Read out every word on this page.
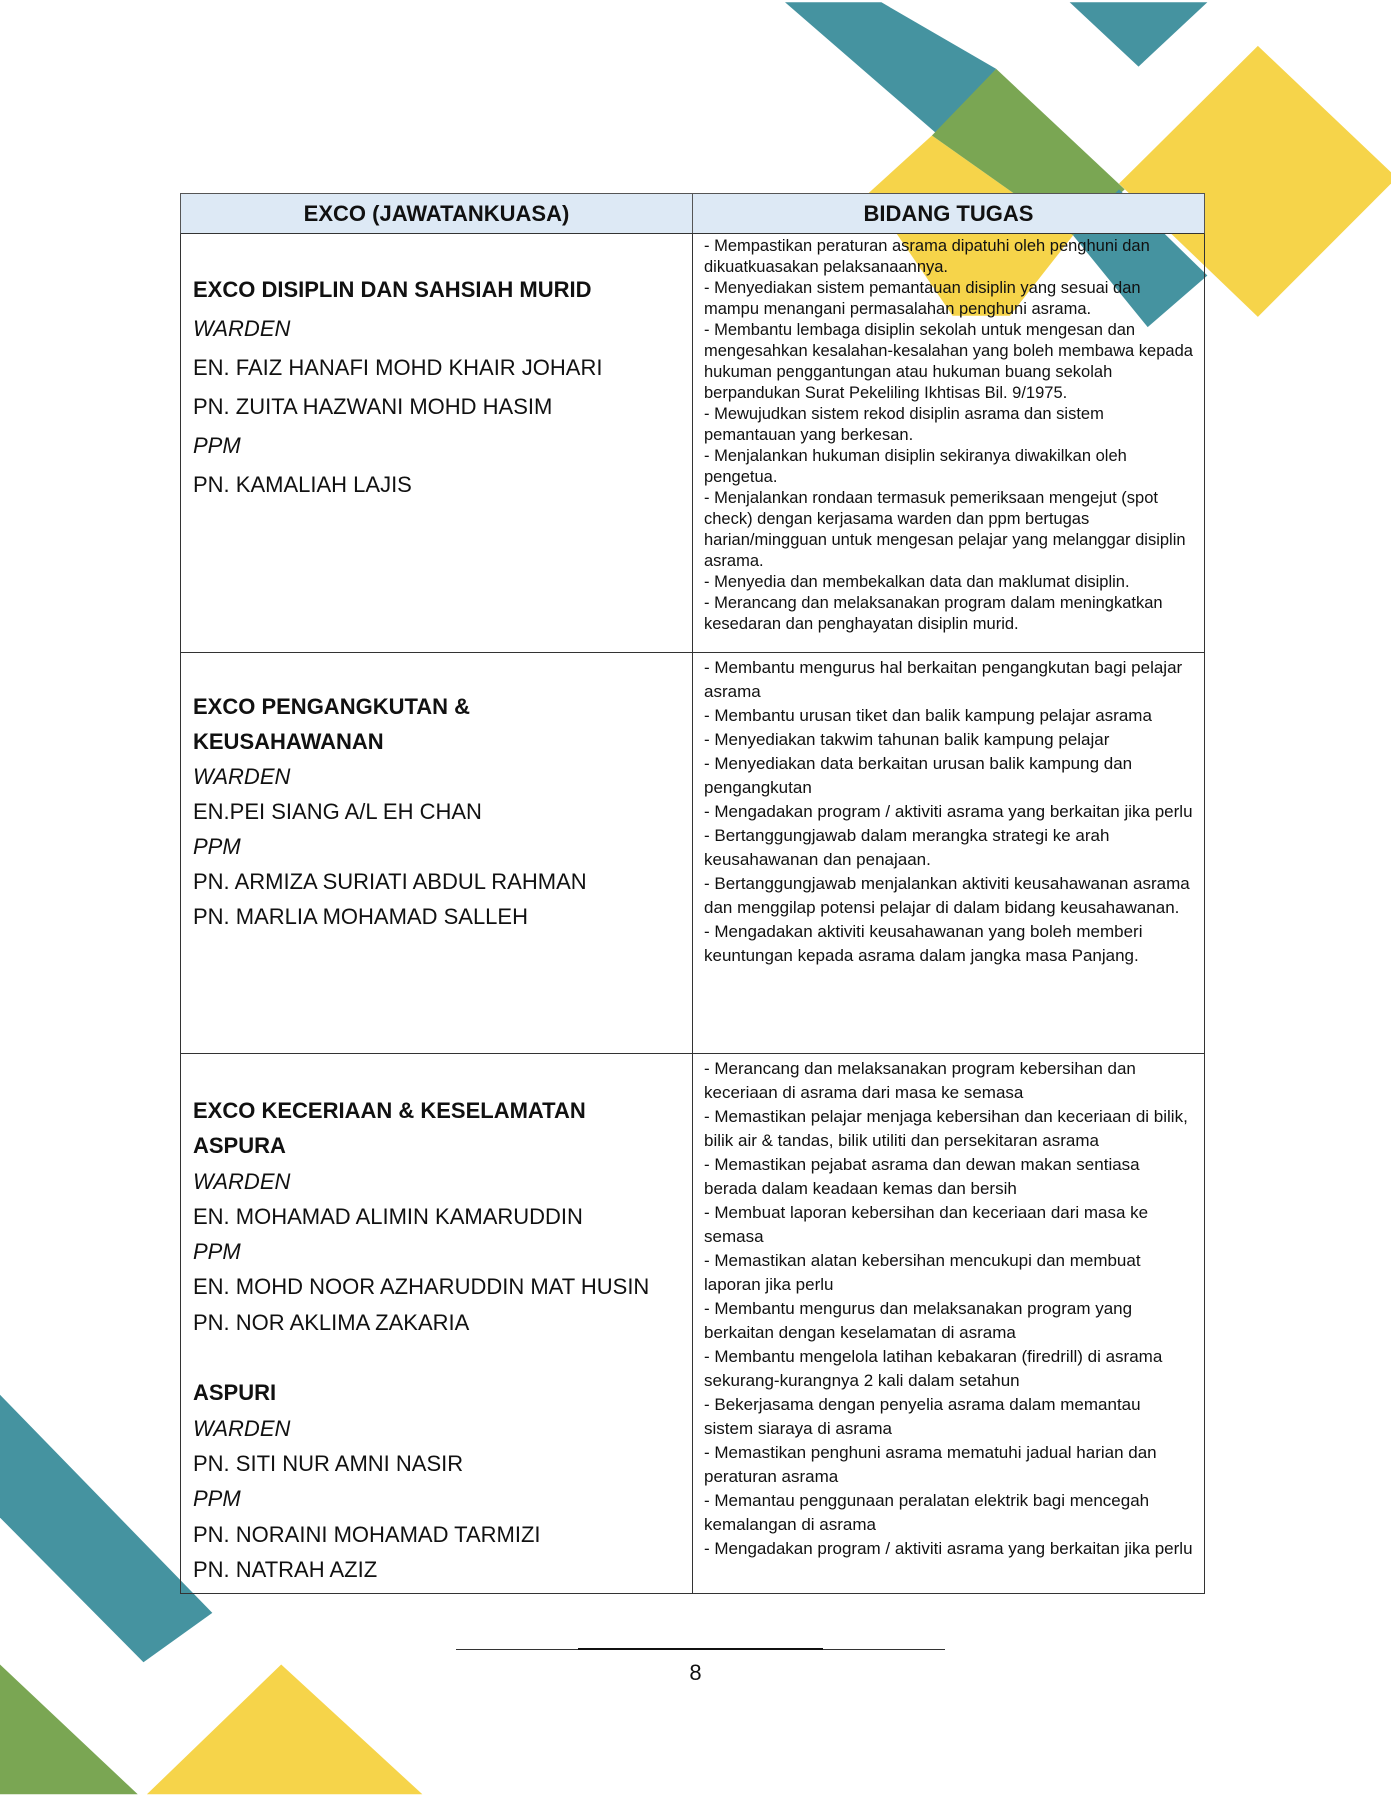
EXCO (JAWATANKUASA)	BIDANG TUGAS
EXCO DISIPLIN DAN SAHSIAH MURID
WARDEN
EN. FAIZ HANAFI MOHD KHAIR JOHARI
PN. ZUITA HAZWANI MOHD HASIM
PPM
PN. KAMALIAH LAJIS
- Mempastikan peraturan asrama dipatuhi oleh penghuni dan dikuatkuasakan pelaksanaannya.
- Menyediakan sistem pemantauan disiplin yang sesuai dan mampu menangani permasalahan penghuni asrama.
- Membantu lembaga disiplin sekolah untuk mengesan dan mengesahkan kesalahan-kesalahan yang boleh membawa kepada hukuman penggantungan atau hukuman buang sekolah berpandukan Surat Pekeliling Ikhtisas Bil. 9/1975.
- Mewujudkan sistem rekod disiplin asrama dan sistem pemantauan yang berkesan.
- Menjalankan hukuman disiplin sekiranya diwakilkan oleh pengetua.
- Menjalankan rondaan termasuk pemeriksaan mengejut (spot check) dengan kerjasama warden dan ppm bertugas harian/mingguan untuk mengesan pelajar yang melanggar disiplin asrama.
- Menyedia dan membekalkan data dan maklumat disiplin.
- Merancang dan melaksanakan program dalam meningkatkan kesedaran dan penghayatan disiplin murid.
EXCO PENGANGKUTAN &
KEUSAHAWANAN
WARDEN
EN.PEI SIANG A/L EH CHAN
PPM
PN. ARMIZA SURIATI ABDUL RAHMAN
PN. MARLIA MOHAMAD SALLEH
- Membantu mengurus hal berkaitan pengangkutan bagi pelajar asrama
- Membantu urusan tiket dan balik kampung pelajar asrama
- Menyediakan takwim tahunan balik kampung pelajar
- Menyediakan data berkaitan urusan balik kampung dan pengangkutan
- Mengadakan program / aktiviti asrama yang berkaitan jika perlu
- Bertanggungjawab dalam merangka strategi ke arah keusahawanan dan penajaan.
- Bertanggungjawab menjalankan aktiviti keusahawanan asrama dan menggilap potensi pelajar di dalam bidang keusahawanan.
- Mengadakan aktiviti keusahawanan yang boleh memberi keuntungan kepada asrama dalam jangka masa Panjang.
EXCO KECERIAAN & KESELAMATAN
ASPURA
WARDEN
EN. MOHAMAD ALIMIN KAMARUDDIN
PPM
EN. MOHD NOOR AZHARUDDIN MAT HUSIN
PN. NOR AKLIMA ZAKARIA
ASPURI
WARDEN
PN. SITI NUR AMNI NASIR
PPM
PN. NORAINI MOHAMAD TARMIZI
PN. NATRAH AZIZ
- Merancang dan melaksanakan program kebersihan dan keceriaan di asrama dari masa ke semasa
- Memastikan pelajar menjaga kebersihan dan keceriaan di bilik, bilik air & tandas, bilik utiliti dan persekitaran asrama
- Memastikan pejabat asrama dan dewan makan sentiasa berada dalam keadaan kemas dan bersih
- Membuat laporan kebersihan dan keceriaan dari masa ke semasa
- Memastikan alatan kebersihan mencukupi dan membuat laporan jika perlu
- Membantu mengurus dan melaksanakan program yang berkaitan dengan keselamatan di asrama
- Membantu mengelola latihan kebakaran (firedrill) di asrama sekurang-kurangnya 2 kali dalam setahun
- Bekerjasama dengan penyelia asrama dalam memantau sistem siaraya di asrama
- Memastikan penghuni asrama mematuhi jadual harian dan peraturan asrama
- Memantau penggunaan peralatan elektrik bagi mencegah kemalangan di asrama
- Mengadakan program / aktiviti asrama yang berkaitan jika perlu
8
